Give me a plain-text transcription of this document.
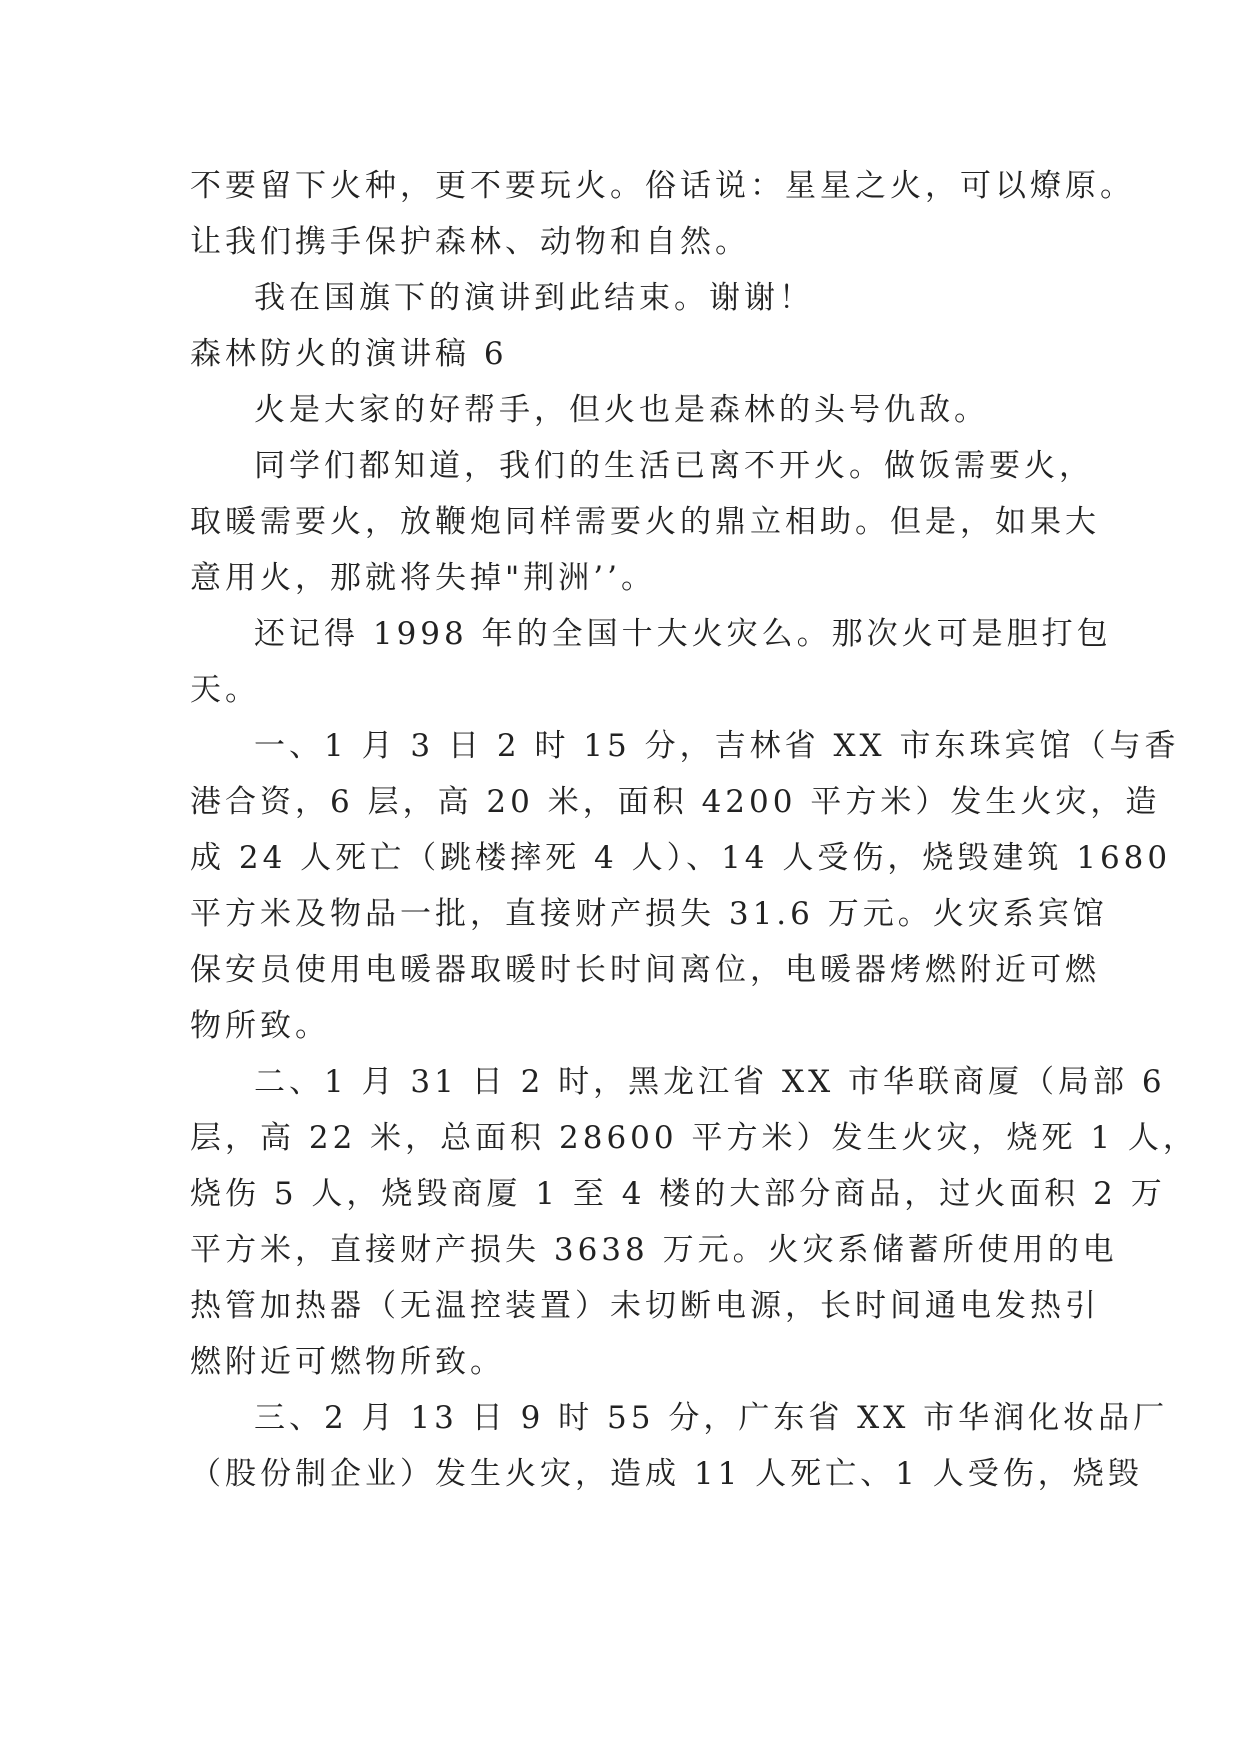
不要留下火种，更不要玩火。俗话说：星星之火，可以燎原。
让我们携手保护森林、动物和自然。
我在国旗下的演讲到此结束。谢谢！
森林防火的演讲稿 6
火是大家的好帮手，但火也是森林的头号仇敌。
同学们都知道，我们的生活已离不开火。做饭需要火，
取暖需要火，放鞭炮同样需要火的鼎立相助。但是，如果大
意用火，那就将失掉"荆洲’’。
还记得 1998 年的全国十大火灾么。那次火可是胆打包
天。
一、1 月 3 日 2 时 15 分，吉林省 XX 市东珠宾馆（与香
港合资，6 层，高 20 米，面积 4200 平方米）发生火灾，造
成 24 人死亡（跳楼摔死 4 人）、14 人受伤，烧毁建筑 1680
平方米及物品一批，直接财产损失 31.6 万元。火灾系宾馆
保安员使用电暖器取暖时长时间离位，电暖器烤燃附近可燃
物所致。
二、1 月 31 日 2 时，黑龙江省 XX 市华联商厦（局部 6
层，高 22 米，总面积 28600 平方米）发生火灾，烧死 1 人，
烧伤 5 人，烧毁商厦 1 至 4 楼的大部分商品，过火面积 2 万
平方米，直接财产损失 3638 万元。火灾系储蓄所使用的电
热管加热器（无温控装置）未切断电源，长时间通电发热引
燃附近可燃物所致。
三、2 月 13 日 9 时 55 分，广东省 XX 市华润化妆品厂
（股份制企业）发生火灾，造成 11 人死亡、1 人受伤，烧毁
